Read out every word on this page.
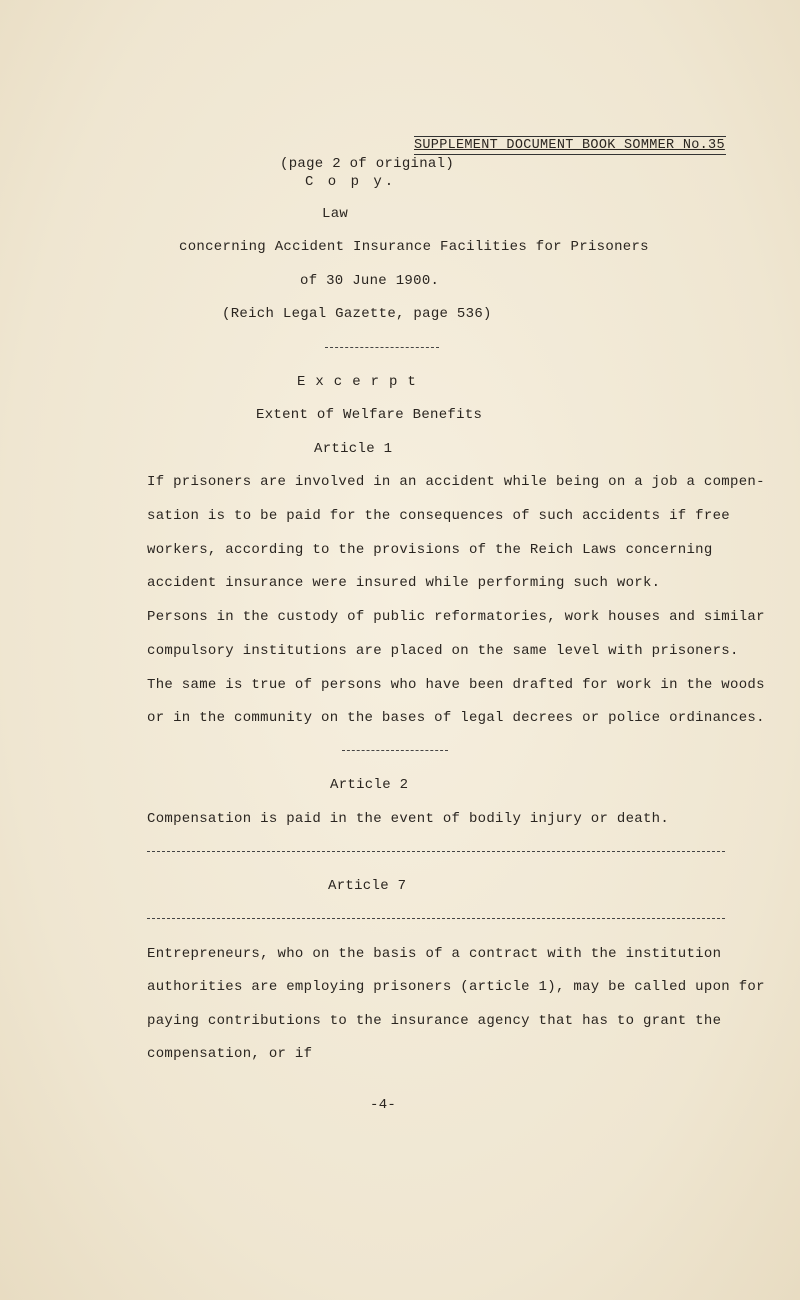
SUPPLEMENT DOCUMENT BOOK SOMMER No.35
(page 2 of original)
C o p y.
Law
concerning Accident Insurance Facilities for Prisoners
of 30 June 1900.
(Reich Legal Gazette, page 536)
Excerpt
Extent of Welfare Benefits
Article 1
If prisoners are involved in an accident while being on a job a compen-
sation is to be paid for the consequences of such accidents if free
workers, according to the provisions of the Reich Laws concerning
accident insurance were insured while performing such work.
Persons in the custody of public reformatories, work houses and similar
compulsory institutions are placed on the same level with prisoners.
The same is true of persons who have been drafted for work in the woods
or in the community on the bases of legal decrees or police ordinances.
Article 2
Compensation is paid in the event of bodily injury or death.
Article 7
Entrepreneurs, who on the basis of a contract with the institution
authorities are employing prisoners (article 1), may be called upon for
paying contributions to the insurance agency that has to grant the
compensation, or if
-4-
